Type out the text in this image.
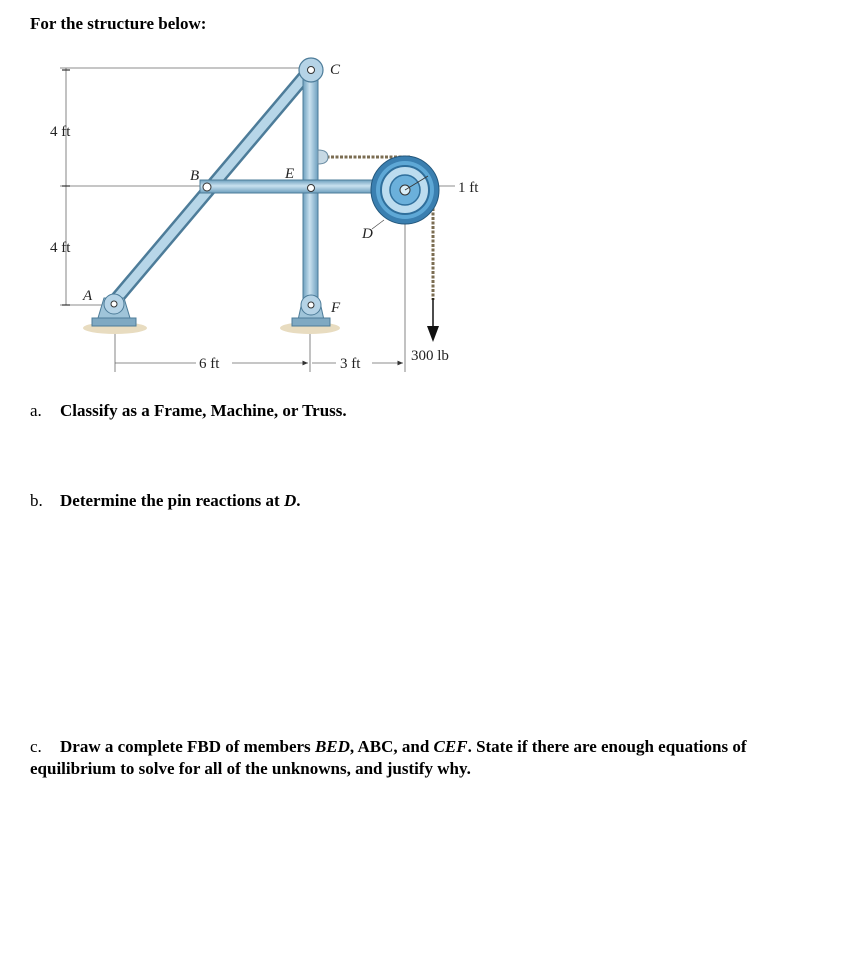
For the structure below:
A
B
C
D
E
F
4 ft
4 ft
6 ft	3 ft
1 ft
300 lb
a. Classify as a Frame, Machine, or Truss.
b. Determine the pin reactions at D.
c. Draw a complete FBD of members BED, ABC, and CEF. State if there are enough equations of equilibrium to solve for all of the unknowns, and justify why.
